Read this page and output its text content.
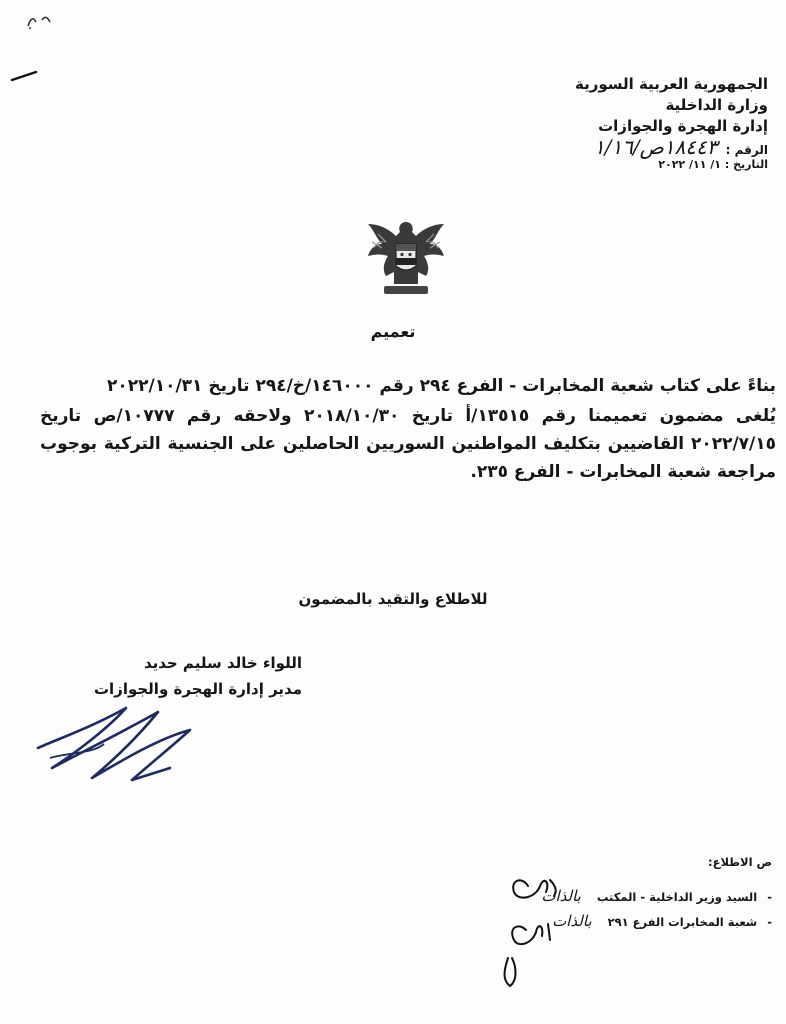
الجمهورية العربية السورية
وزارة الداخلية
إدارة الهجرة والجوازات
الرقم : ١٨٤٤٣ص/١/١٦
التاريخ : ١/ ١١/ ٢٠٢٢
تعميم

بناءً على كتاب شعبة المخابرات - الفرع ٢٩٤ رقم ١٤٦٠٠٠/خ/٢٩٤ تاريخ ٢٠٢٢/١٠/٣١

يُلغى مضمون تعميمنا رقم ١٣٥١٥/أ تاريخ ٢٠١٨/١٠/٣٠ ولاحقه رقم ١٠٧٧٧/ص تاريخ ٢٠٢٢/٧/١٥ القاضيين بتكليف المواطنين السوريين الحاصلين على الجنسية التركية بوجوب مراجعة شعبة المخابرات - الفرع ٢٣٥.

للاطلاع والتقيد بالمضمون
اللواء خالد سليم حديد
مدير إدارة الهجرة والجوازات
ص الاطلاع:
- السيد وزير الداخلية - المكتب بالذات
- شعبة المخابرات الفرع ٢٩١ بالذات
